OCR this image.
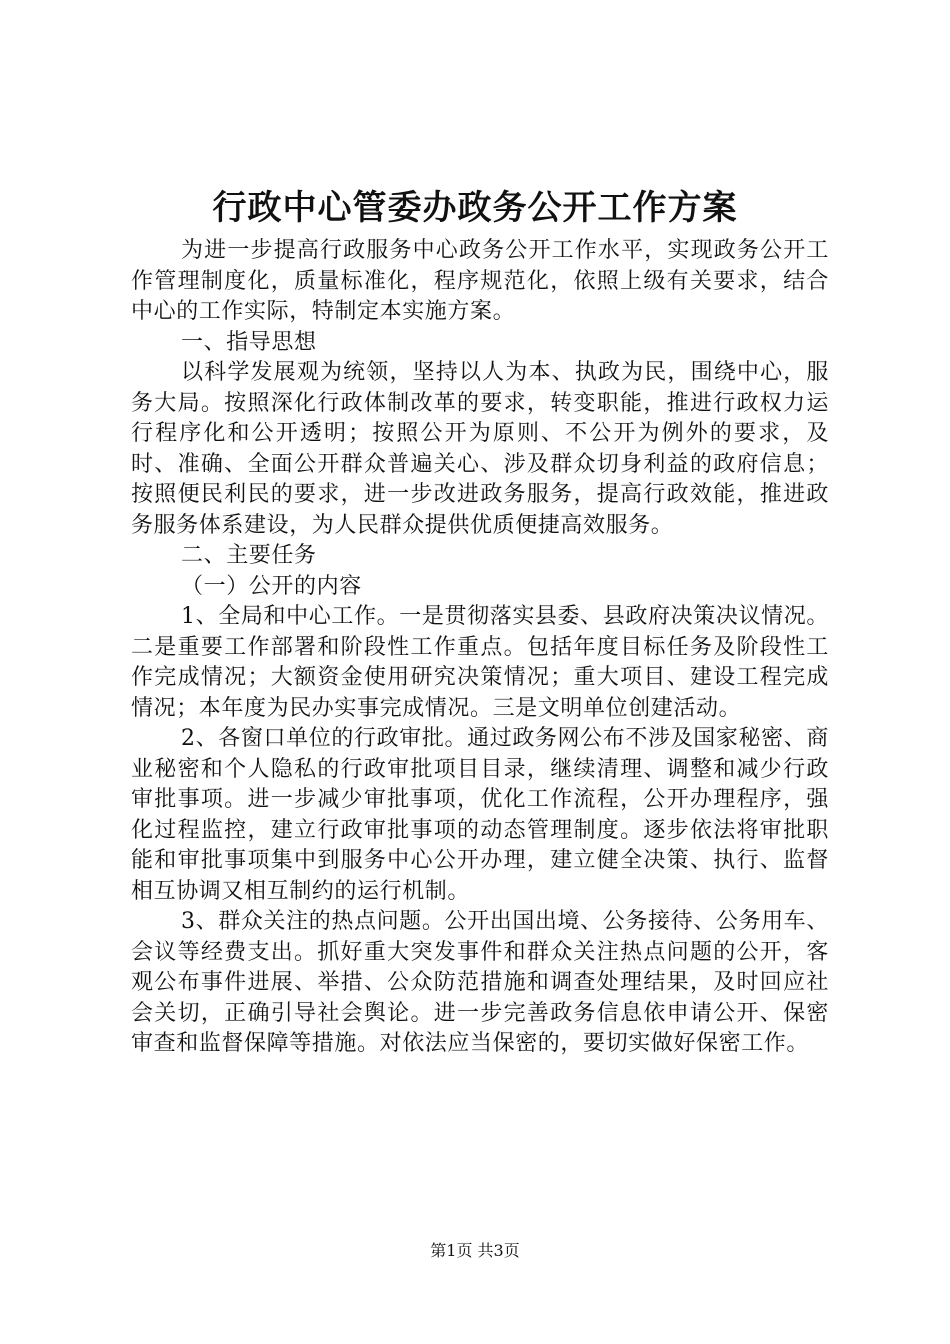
行政中心管委办政务公开工作方案

为进一步提高行政服务中心政务公开工作水平，实现政务公开工作管理制度化，质量标准化，程序规范化，依照上级有关要求，结合中心的工作实际，特制定本实施方案。

一、指导思想

以科学发展观为统领，坚持以人为本、执政为民，围绕中心，服务大局。按照深化行政体制改革的要求，转变职能，推进行政权力运行程序化和公开透明；按照公开为原则、不公开为例外的要求，及时、准确、全面公开群众普遍关心、涉及群众切身利益的政府信息；按照便民利民的要求，进一步改进政务服务，提高行政效能，推进政务服务体系建设，为人民群众提供优质便捷高效服务。

二、主要任务

（一）公开的内容

1、全局和中心工作。一是贯彻落实县委、县政府决策决议情况。二是重要工作部署和阶段性工作重点。包括年度目标任务及阶段性工作完成情况；大额资金使用研究决策情况；重大项目、建设工程完成情况；本年度为民办实事完成情况。三是文明单位创建活动。

2、各窗口单位的行政审批。通过政务网公布不涉及国家秘密、商业秘密和个人隐私的行政审批项目目录，继续清理、调整和减少行政审批事项。进一步减少审批事项，优化工作流程，公开办理程序，强化过程监控，建立行政审批事项的动态管理制度。逐步依法将审批职能和审批事项集中到服务中心公开办理，建立健全决策、执行、监督相互协调又相互制约的运行机制。

3、群众关注的热点问题。公开出国出境、公务接待、公务用车、会议等经费支出。抓好重大突发事件和群众关注热点问题的公开，客观公布事件进展、举措、公众防范措施和调查处理结果，及时回应社会关切，正确引导社会舆论。进一步完善政务信息依申请公开、保密审查和监督保障等措施。对依法应当保密的，要切实做好保密工作。

第1页 共3页
